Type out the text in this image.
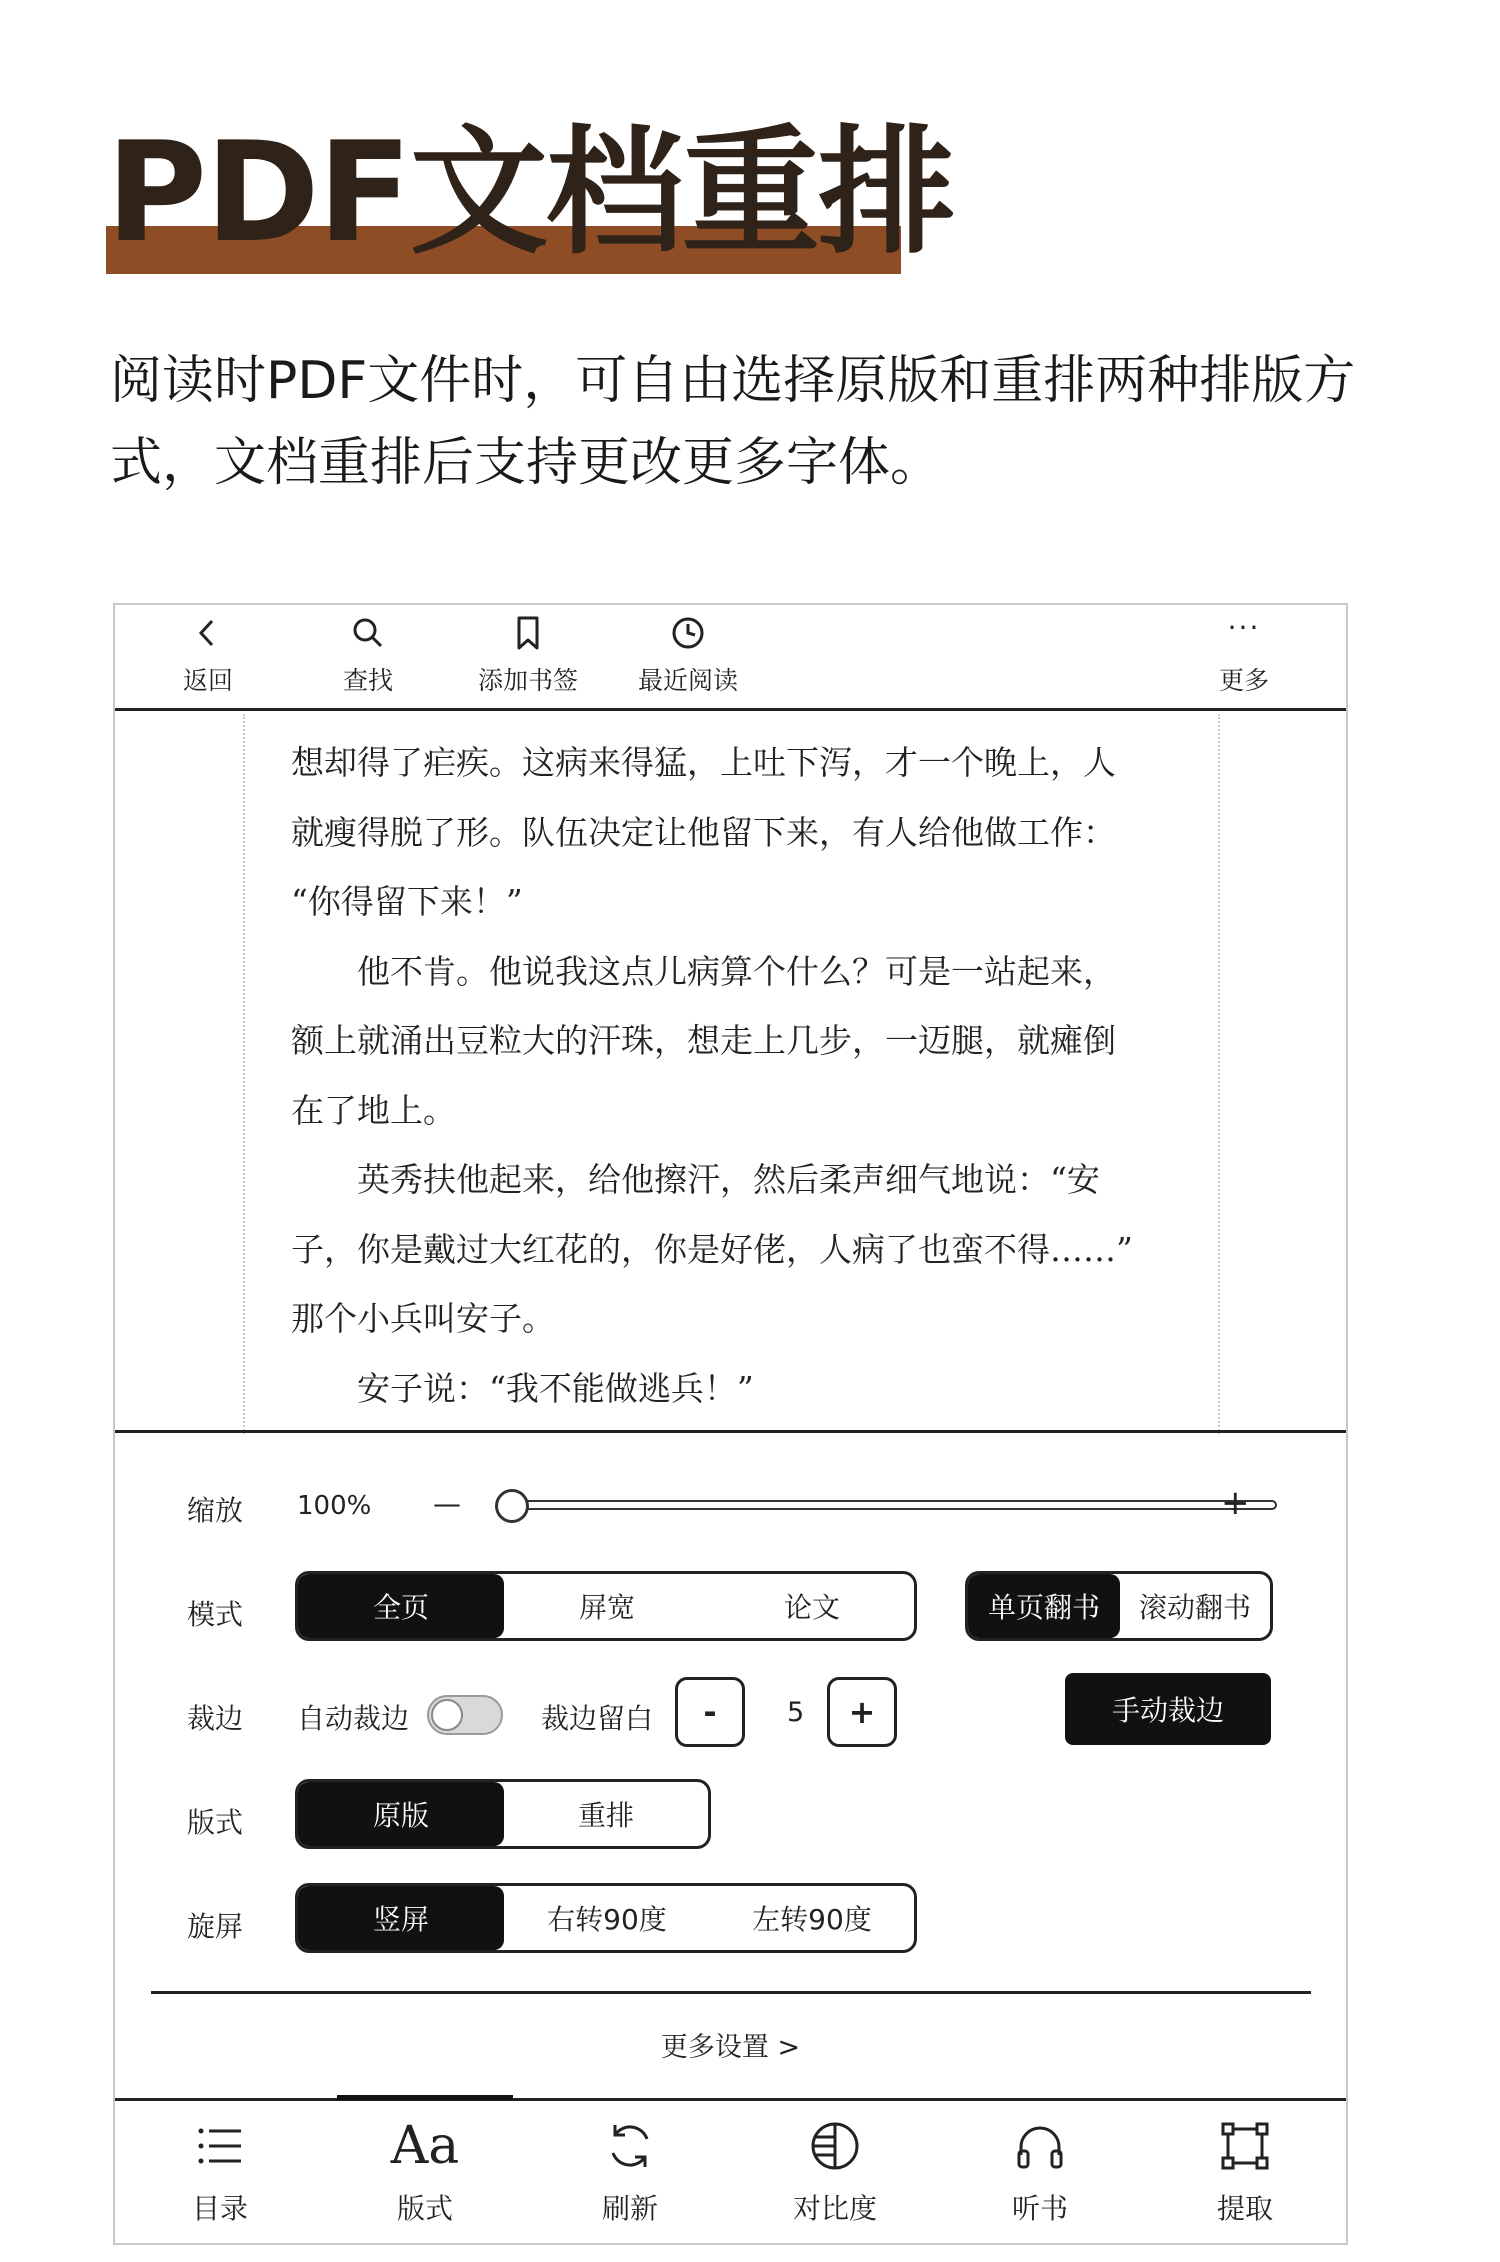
PDF文档重排
阅读时PDF文件时，可自由选择原版和重排两种排版方式，文档重排后支持更改更多字体。
返回	查找	添加书签 最近阅读
···
更多

想却得了疟疾。这病来得猛，上吐下泻，才一个晚上，人

就瘦得脱了形。队伍决定让他留下来，有人给他做工作：

“你得留下来！”

他不肯。他说我这点儿病算个什么？可是一站起来，

额上就涌出豆粒大的汗珠，想走上几步，一迈腿，就瘫倒

在了地上。

英秀扶他起来，给他擦汗，然后柔声细气地说：“安

子，你是戴过大红花的，你是好佬，人病了也蛮不得……”

那个小兵叫安子。

安子说：“我不能做逃兵！”

缩放 100% —	+
模式	全页	屏宽	论文	单页翻书	滚动翻书
裁边 自动裁边	裁边留白	-	5	+	手动裁边
版式	原版	重排
旋屏	竖屏	右转90度	左转90度
更多设置 >
目录
Aa
版式	刷新	对比度	听书	提取
